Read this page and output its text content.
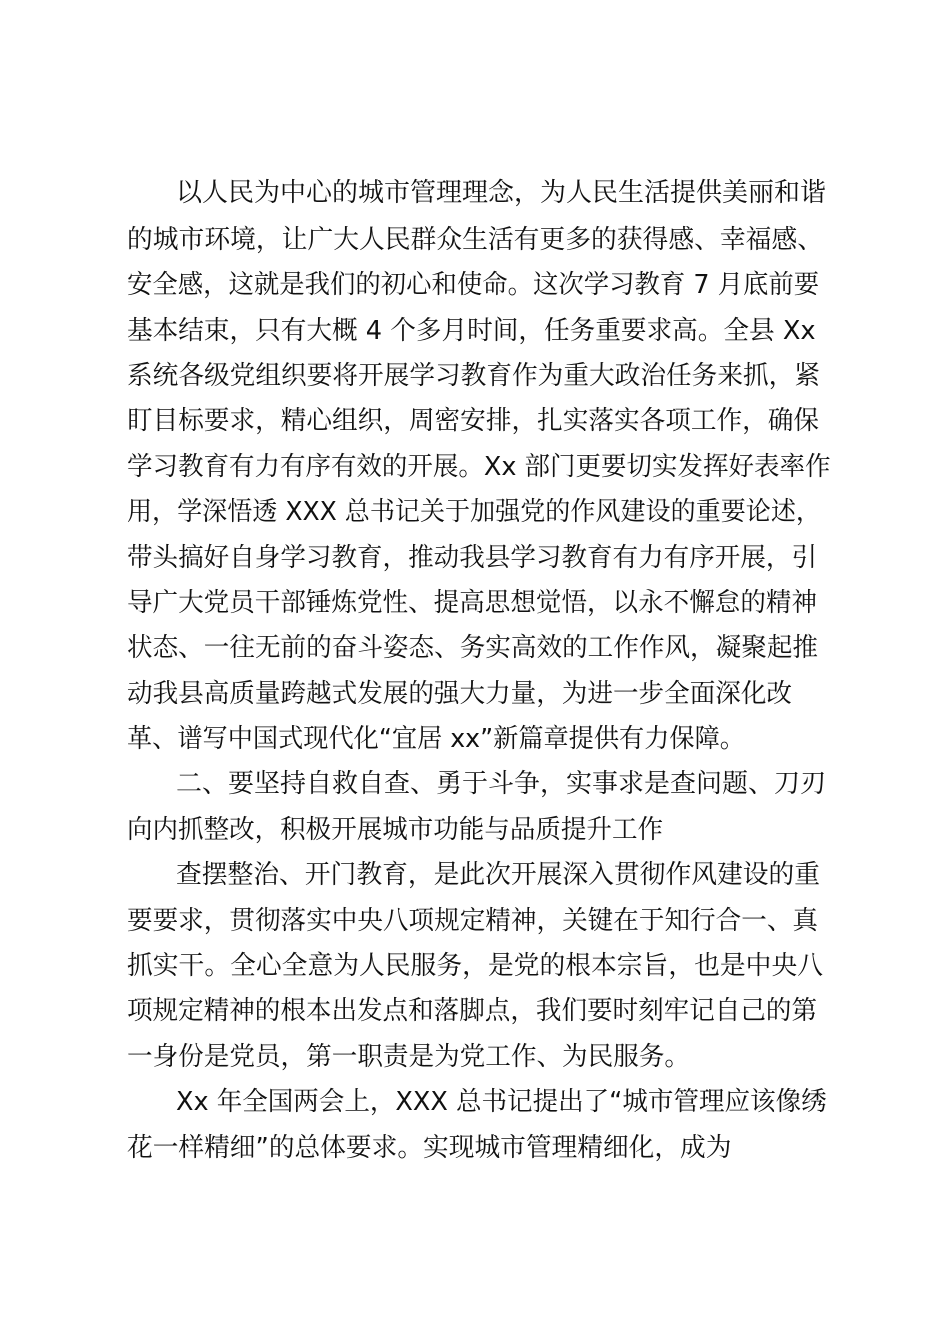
以人民为中心的城市管理理念，为人民生活提供美丽和谐
的城市环境，让广大人民群众生活有更多的获得感、幸福感、
安全感，这就是我们的初心和使命。这次学习教育 7 月底前要
基本结束，只有大概 4 个多月时间，任务重要求高。全县 Xx
系统各级党组织要将开展学习教育作为重大政治任务来抓，紧
盯目标要求，精心组织，周密安排，扎实落实各项工作，确保
学习教育有力有序有效的开展。Xx 部门更要切实发挥好表率作
用，学深悟透 XXX 总书记关于加强党的作风建设的重要论述，
带头搞好自身学习教育，推动我县学习教育有力有序开展，引
导广大党员干部锤炼党性、提高思想觉悟，以永不懈怠的精神
状态、一往无前的奋斗姿态、务实高效的工作作风，凝聚起推
动我县高质量跨越式发展的强大力量，为进一步全面深化改
革、谱写中国式现代化“宜居 xx”新篇章提供有力保障。
二、要坚持自救自查、勇于斗争，实事求是查问题、刀刃
向内抓整改，积极开展城市功能与品质提升工作
查摆整治、开门教育，是此次开展深入贯彻作风建设的重
要要求，贯彻落实中央八项规定精神，关键在于知行合一、真
抓实干。全心全意为人民服务，是党的根本宗旨，也是中央八
项规定精神的根本出发点和落脚点，我们要时刻牢记自己的第
一身份是党员，第一职责是为党工作、为民服务。
Xx 年全国两会上，XXX 总书记提出了“城市管理应该像绣
花一样精细”的总体要求。实现城市管理精细化，成为
